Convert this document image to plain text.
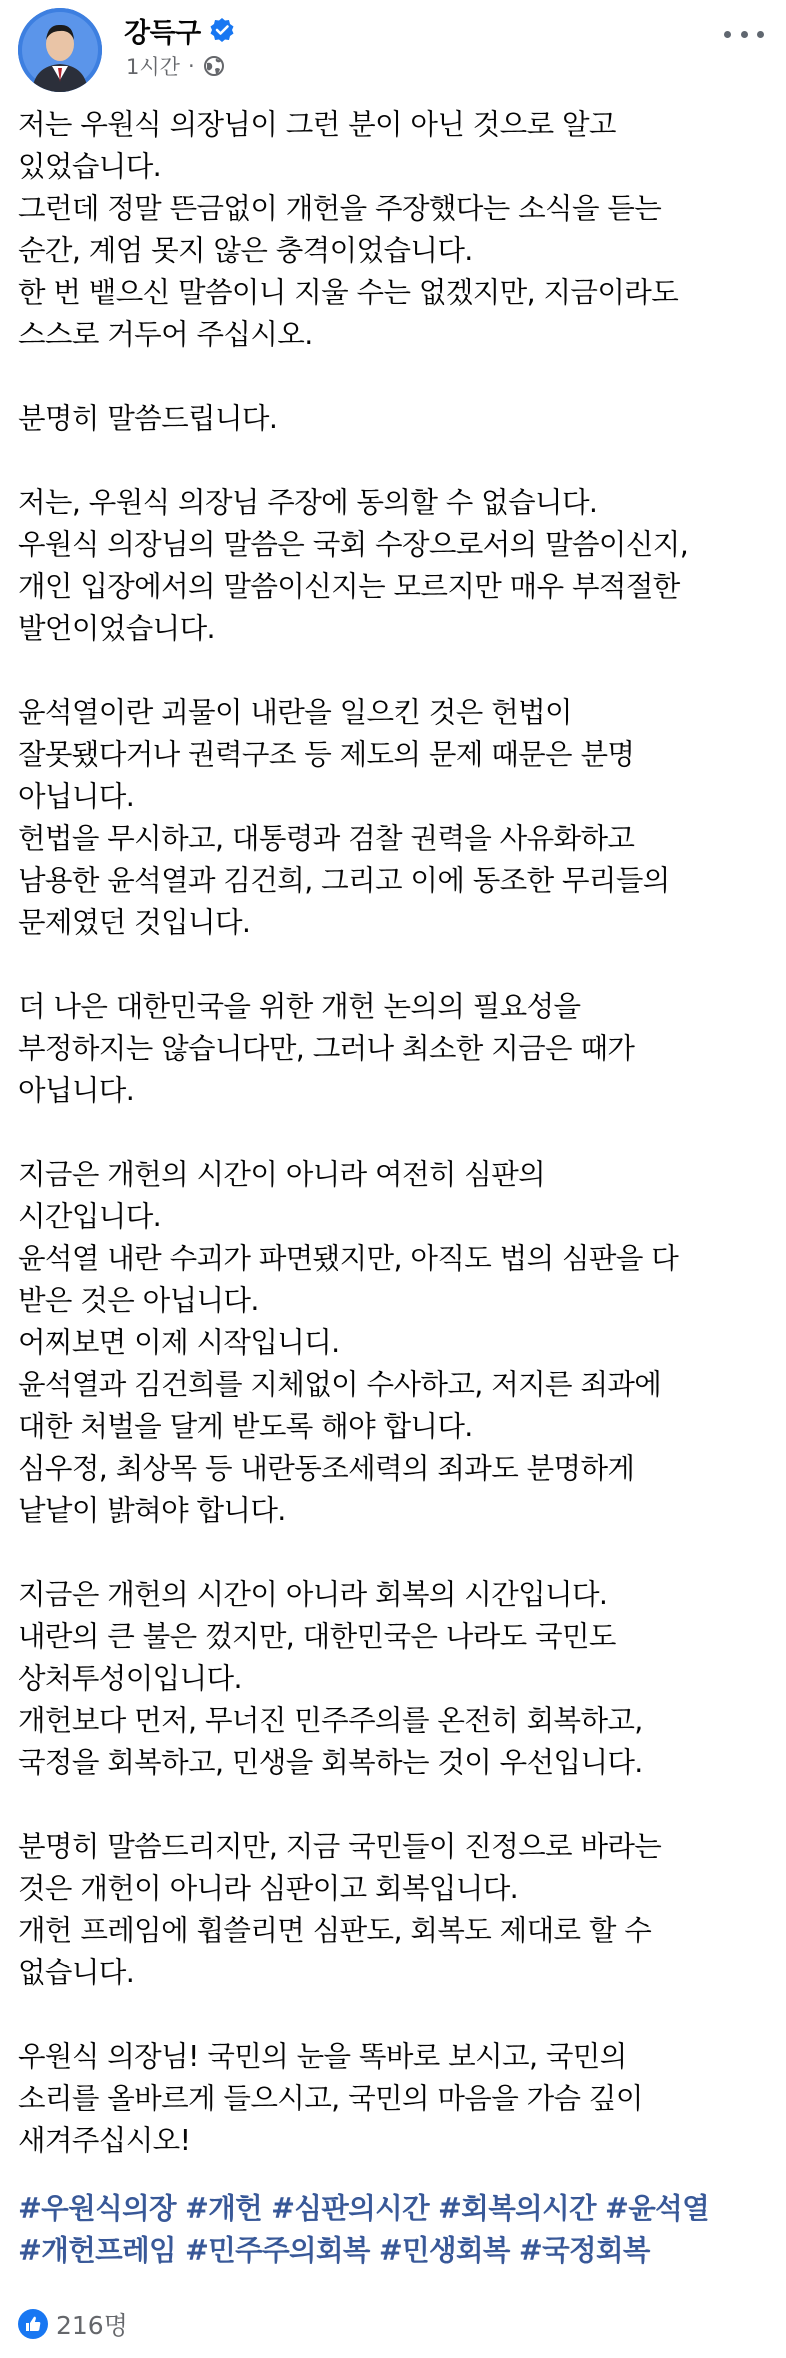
강득구
1시간 ·
저는 우원식 의장님이 그런 분이 아닌 것으로 알고
있었습니다.
그런데 정말 뜬금없이 개헌을 주장했다는 소식을 듣는
순간, 계엄 못지 않은 충격이었습니다.
한 번 뱉으신 말씀이니 지울 수는 없겠지만, 지금이라도
스스로 거두어 주십시오.
분명히 말씀드립니다.
저는, 우원식 의장님 주장에 동의할 수 없습니다.
우원식 의장님의 말씀은 국회 수장으로서의 말씀이신지,
개인 입장에서의 말씀이신지는 모르지만 매우 부적절한
발언이었습니다.
윤석열이란 괴물이 내란을 일으킨 것은 헌법이
잘못됐다거나 권력구조 등 제도의 문제 때문은 분명
아닙니다.
헌법을 무시하고, 대통령과 검찰 권력을 사유화하고
남용한 윤석열과 김건희, 그리고 이에 동조한 무리들의
문제였던 것입니다.
더 나은 대한민국을 위한 개헌 논의의 필요성을
부정하지는 않습니다만, 그러나 최소한 지금은 때가
아닙니다.
지금은 개헌의 시간이 아니라 여전히 심판의
시간입니다.
윤석열 내란 수괴가 파면됐지만, 아직도 법의 심판을 다
받은 것은 아닙니다.
어찌보면 이제 시작입니디.
윤석열과 김건희를 지체없이 수사하고, 저지른 죄과에
대한 처벌을 달게 받도록 해야 합니다.
심우정, 최상목 등 내란동조세력의 죄과도 분명하게
낱낱이 밝혀야 합니다.
지금은 개헌의 시간이 아니라 회복의 시간입니다.
내란의 큰 불은 껐지만, 대한민국은 나라도 국민도
상처투성이입니다.
개헌보다 먼저, 무너진 민주주의를 온전히 회복하고,
국정을 회복하고, 민생을 회복하는 것이 우선입니다.
분명히 말씀드리지만, 지금 국민들이 진정으로 바라는
것은 개헌이 아니라 심판이고 회복입니다.
개헌 프레임에 휩쓸리면 심판도, 회복도 제대로 할 수
없습니다.
우원식 의장님! 국민의 눈을 똑바로 보시고, 국민의
소리를 올바르게 들으시고, 국민의 마음을 가슴 깊이
새겨주십시오!
#우원식의장 #개헌 #심판의시간 #회복의시간 #윤석열
#개헌프레임 #민주주의회복 #민생회복 #국정회복
216명
